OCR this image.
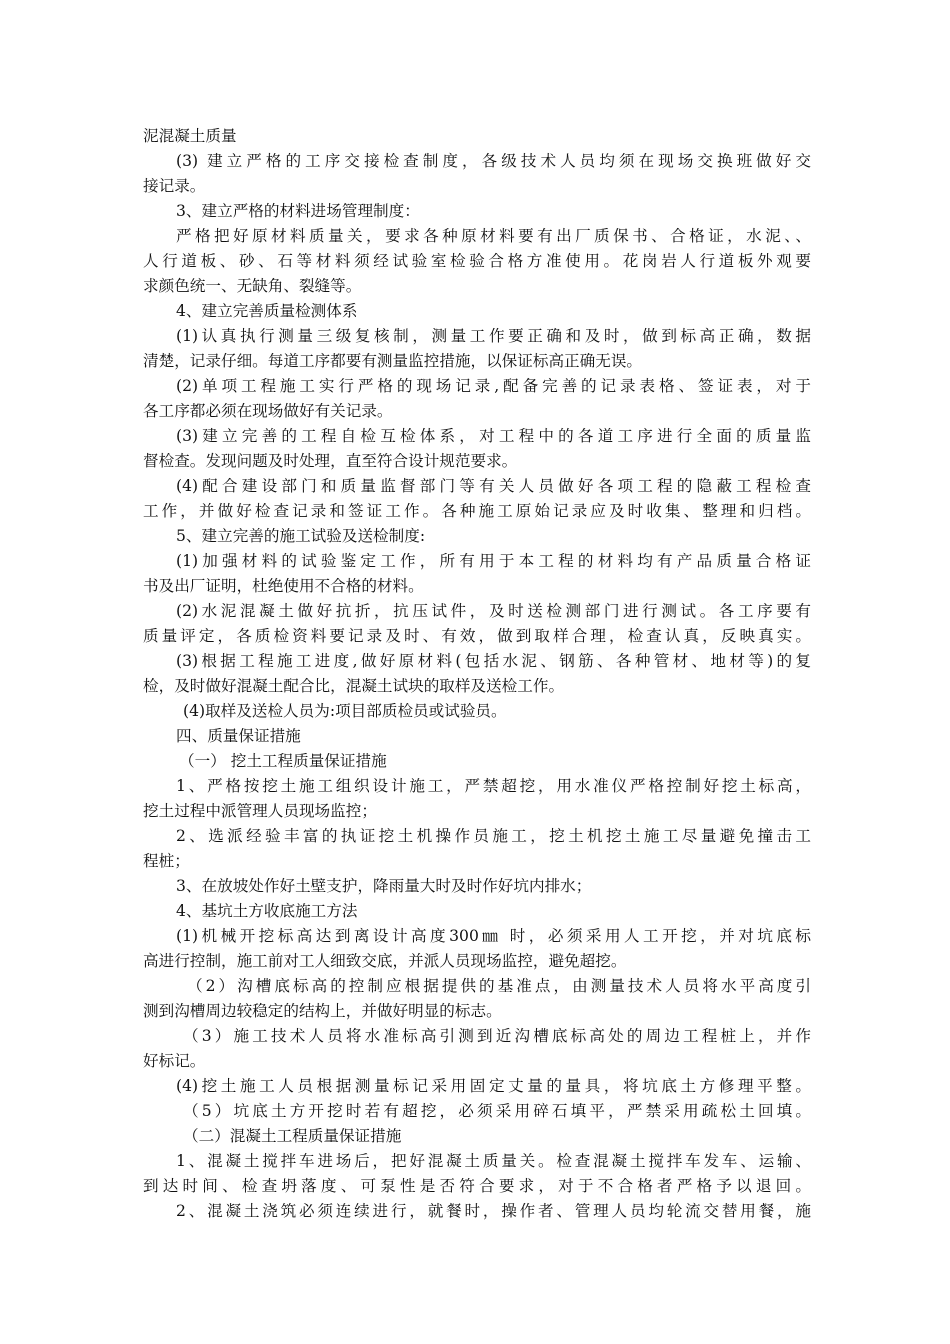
泥混凝土质量
(3) 建立严格的工序交接检查制度，各级技术人员均须在现场交换班做好交
接记录。
3、建立严格的材料进场管理制度：
严格把好原材料质量关，要求各种原材料要有出厂质保书、合格证，水泥、、
人行道板、砂、石等材料须经试验室检验合格方准使用。花岗岩人行道板外观要
求颜色统一、无缺角、裂缝等。
4、建立完善质量检测体系
(1)认真执行测量三级复核制，测量工作要正确和及时，做到标高正确，数据
清楚，记录仔细。每道工序都要有测量监控措施，以保证标高正确无误。
(2)单项工程施工实行严格的现场记录,配备完善的记录表格、签证表，对于
各工序都必须在现场做好有关记录。
(3)建立完善的工程自检互检体系，对工程中的各道工序进行全面的质量监
督检查。发现问题及时处理，直至符合设计规范要求。
(4)配合建设部门和质量监督部门等有关人员做好各项工程的隐蔽工程检查
工作，并做好检查记录和签证工作。各种施工原始记录应及时收集、整理和归档。
5、建立完善的施工试验及送检制度:
(1)加强材料的试验鉴定工作，所有用于本工程的材料均有产品质量合格证
书及出厂证明，杜绝使用不合格的材料。
(2)水泥混凝土做好抗折，抗压试件，及时送检测部门进行测试。各工序要有
质量评定，各质检资料要记录及时、有效，做到取样合理，检查认真，反映真实。
(3)根据工程施工进度,做好原材料(包括水泥、钢筋、各种管材、地材等)的复
检，及时做好混凝土配合比，混凝土试块的取样及送检工作。
(4)取样及送检人员为:项目部质检员或试验员。
四、质量保证措施
（一） 挖土工程质量保证措施
1、严格按挖土施工组织设计施工，严禁超挖，用水准仪严格控制好挖土标高，
挖土过程中派管理人员现场监控；
2、选派经验丰富的执证挖土机操作员施工，挖土机挖土施工尽量避免撞击工
程桩；
3、在放坡处作好土壁支护，降雨量大时及时作好坑内排水；
4、基坑土方收底施工方法
(1)机械开挖标高达到离设计高度300㎜ 时，必须采用人工开挖，并对坑底标
高进行控制，施工前对工人细致交底，并派人员现场监控，避免超挖。
（2）沟槽底标高的控制应根据提供的基准点，由测量技术人员将水平高度引
测到沟槽周边较稳定的结构上，并做好明显的标志。
（3）施工技术人员将水准标高引测到近沟槽底标高处的周边工程桩上，并作
好标记。
(4)挖土施工人员根据测量标记采用固定丈量的量具，将坑底土方修理平整。
（5）坑底土方开挖时若有超挖，必须采用碎石填平，严禁采用疏松土回填。
（二）混凝土工程质量保证措施
1、混凝土搅拌车进场后，把好混凝土质量关。检查混凝土搅拌车发车、运输、
到达时间、检查坍落度、可泵性是否符合要求，对于不合格者严格予以退回。
2、混凝土浇筑必须连续进行，就餐时，操作者、管理人员均轮流交替用餐，施
